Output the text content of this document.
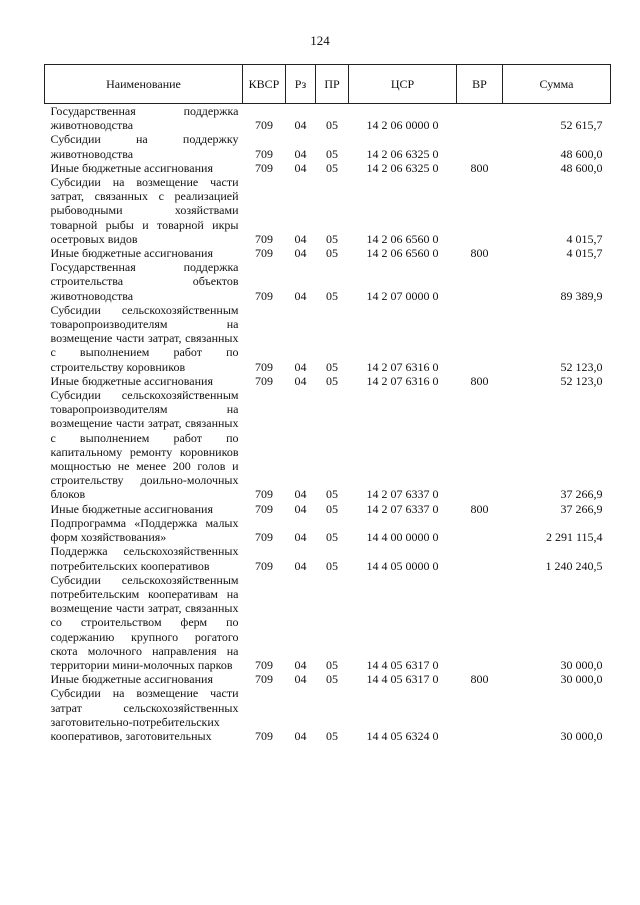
124
Наименование	КВСР	Рз	ПР	ЦСР	ВР	Сумма
Государственная поддержка животноводства	709	04	05	14 2 06 0000 0		52 615,7
Субсидии на поддержку животноводства	709	04	05	14 2 06 6325 0		48 600,0
Иные бюджетные ассигнования	709	04	05	14 2 06 6325 0	800	48 600,0
Субсидии на возмещение части затрат, связанных с реализацией рыбоводными хозяйствами товарной рыбы и товарной икры осетровых видов	709	04	05	14 2 06 6560 0		4 015,7
Иные бюджетные ассигнования	709	04	05	14 2 06 6560 0	800	4 015,7
Государственная поддержка строительства объектов животноводства	709	04	05	14 2 07 0000 0		89 389,9
Субсидии сельскохозяйственным товаропроизводителям на возмещение части затрат, связанных с выполнением работ по строительству коровников	709	04	05	14 2 07 6316 0		52 123,0
Иные бюджетные ассигнования	709	04	05	14 2 07 6316 0	800	52 123,0
Субсидии сельскохозяйственным товаропроизводителям на возмещение части затрат, связанных с выполнением работ по капитальному ремонту коровников мощностью не менее 200 голов и строительству доильно-молочных блоков	709	04	05	14 2 07 6337 0		37 266,9
Иные бюджетные ассигнования	709	04	05	14 2 07 6337 0	800	37 266,9
Подпрограмма «Поддержка малых форм хозяйствования»	709	04	05	14 4 00 0000 0		2 291 115,4
Поддержка сельскохозяйственных потребительских кооперативов	709	04	05	14 4 05 0000 0		1 240 240,5
Субсидии сельскохозяйственным потребительским кооперативам на возмещение части затрат, связанных со строительством ферм по содержанию крупного рогатого скота молочного направления на территории мини-молочных парков	709	04	05	14 4 05 6317 0		30 000,0
Иные бюджетные ассигнования	709	04	05	14 4 05 6317 0	800	30 000,0
Субсидии на возмещение части затрат сельскохозяйственных заготовительно-потребительских кооперативов, заготовительных	709	04	05	14 4 05 6324 0		30 000,0
